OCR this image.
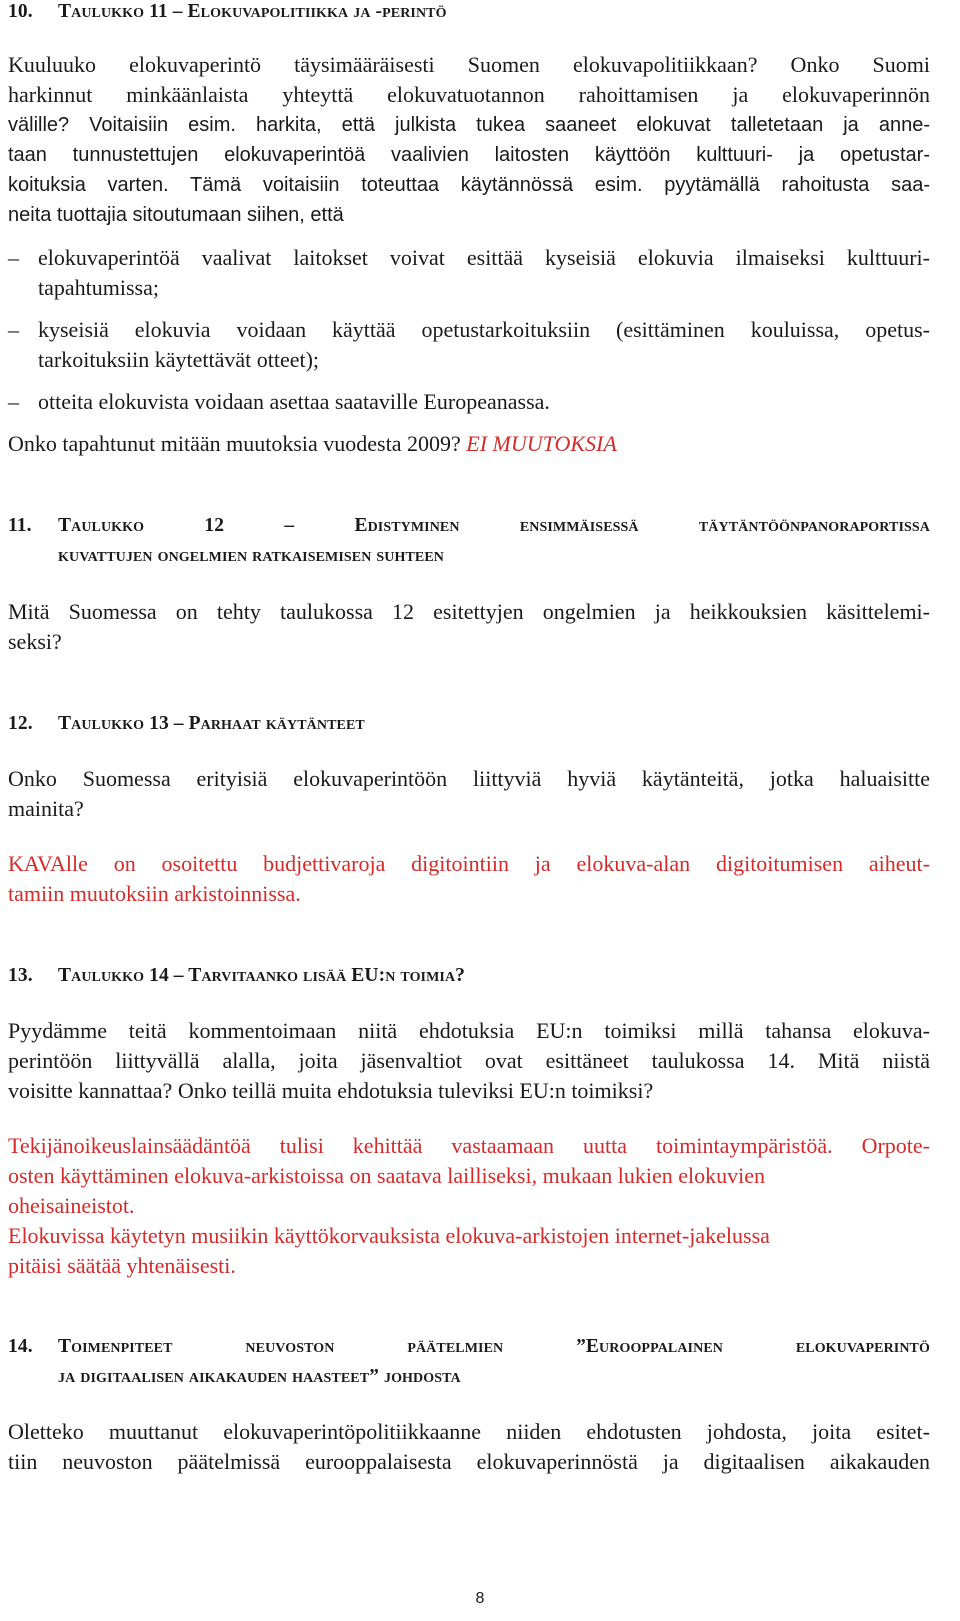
10. Taulukko 11 – Elokuvapolitiikka ja -perintö
Kuuluuko elokuvaperintö täysimääräisesti Suomen elokuvapolitiikkaan? Onko Suomi
harkinnut minkäänlaista yhteyttä elokuvatuotannon rahoittamisen ja elokuvaperinnön
välille? Voitaisiin esim. harkita, että julkista tukea saaneet elokuvat talletetaan ja anne-
taan tunnustettujen elokuvaperintöä vaalivien laitosten käyttöön kulttuuri- ja opetustar-
koituksia varten. Tämä voitaisiin toteuttaa käytännössä esim. pyytämällä rahoitusta saa-
neita tuottajia sitoutumaan siihen, että
– elokuvaperintöä vaalivat laitokset voivat esittää kyseisiä elokuvia ilmaiseksi kulttuuri-
tapahtumissa;
– kyseisiä elokuvia voidaan käyttää opetustarkoituksiin (esittäminen kouluissa, opetus-
tarkoituksiin käytettävät otteet);
– otteita elokuvista voidaan asettaa saataville Europeanassa.
Onko tapahtunut mitään muutoksia vuodesta 2009? EI MUUTOKSIA
11. Taulukko 12 – Edistyminen ensimmäisessä täytäntöönpanoraportissa
kuvattujen ongelmien ratkaisemisen suhteen
Mitä Suomessa on tehty taulukossa 12 esitettyjen ongelmien ja heikkouksien käsittelemi-
seksi?
12. Taulukko 13 – Parhaat käytänteet
Onko Suomessa erityisiä elokuvaperintöön liittyviä hyviä käytänteitä, jotka haluaisitte
mainita?
KAVAlle on osoitettu budjettivaroja digitointiin ja elokuva-alan digitoitumisen aiheut-
tamiin muutoksiin arkistoinnissa.
13. Taulukko 14 – Tarvitaanko lisää EU:n toimia?
Pyydämme teitä kommentoimaan niitä ehdotuksia EU:n toimiksi millä tahansa elokuva-
perintöön liittyvällä alalla, joita jäsenvaltiot ovat esittäneet taulukossa 14. Mitä niistä
voisitte kannattaa? Onko teillä muita ehdotuksia tuleviksi EU:n toimiksi?
Tekijänoikeuslainsäädäntöä tulisi kehittää vastaamaan uutta toimintaympäristöä. Orpote-
osten käyttäminen elokuva-arkistoissa on saatava lailliseksi, mukaan lukien elokuvien
oheisaineistot.
Elokuvissa käytetyn musiikin käyttökorvauksista elokuva-arkistojen internet-jakelussa
pitäisi säätää yhtenäisesti.
14. Toimenpiteet neuvoston päätelmien ”Eurooppalainen elokuvaperintö
ja digitaalisen aikakauden haasteet” johdosta
Oletteko muuttanut elokuvaperintöpolitiikkaanne niiden ehdotusten johdosta, joita esitet-
tiin neuvoston päätelmissä eurooppalaisesta elokuvaperinnöstä ja digitaalisen aikakauden
8
